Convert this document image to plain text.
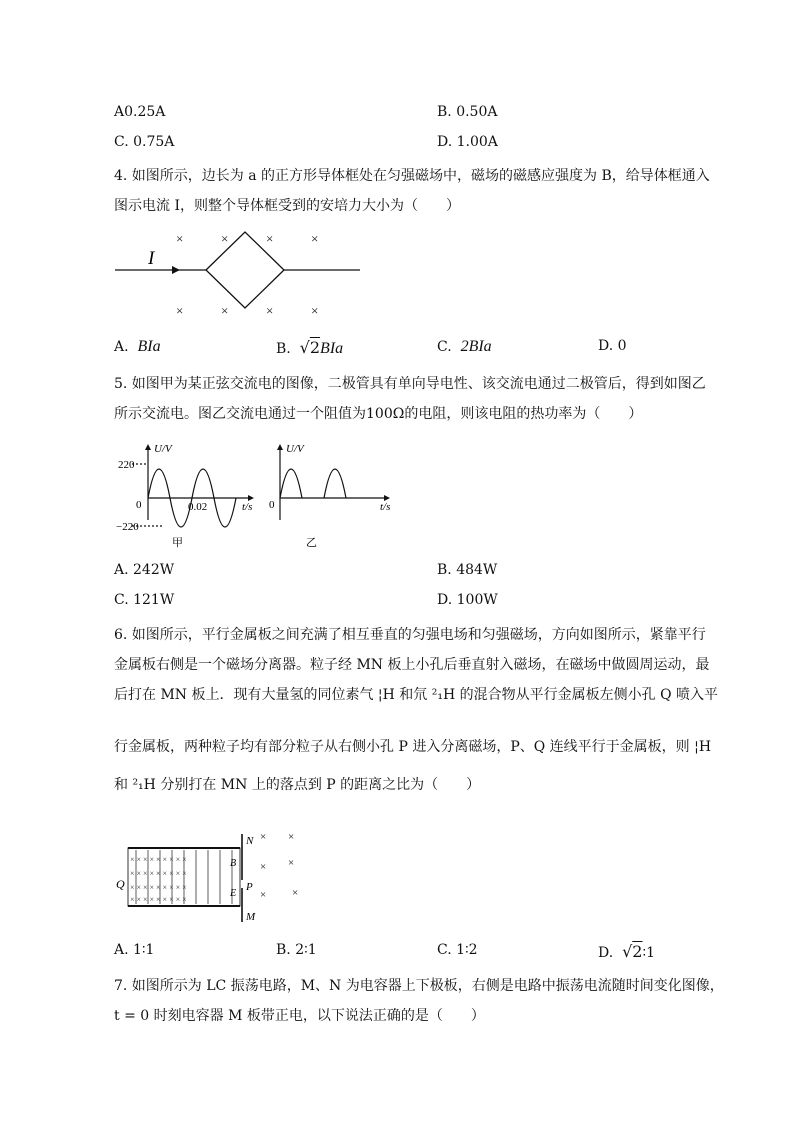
A0.25A	B. 0.50A
C. 0.75A	D. 1.00A
4. 如图所示，边长为 a 的正方形导体框处在匀强磁场中，磁场的磁感应强度为 B，给导体框通入
图示电流 I，则整个导体框受到的安培力大小为（　　）
×	×	×	×
×	×	×	×
I
A. BIa	B. √2BIa	C. 2BIa	D. 0
5. 如图甲为某正弦交流电的图像，二极管具有单向导电性、该交流电通过二极管后，得到如图乙
所示交流电。图乙交流电通过一个阻值为100Ω的电阻，则该电阻的热功率为（　　）
U/V
220
0	0.02
−220
t/s
甲
U/V
0	t/s
乙
A. 242W	B. 484W
C. 121W	D. 100W
6. 如图所示，平行金属板之间充满了相互垂直的匀强电场和匀强磁场，方向如图所示，紧靠平行
金属板右侧是一个磁场分离器。粒子经 MN 板上小孔后垂直射入磁场，在磁场中做圆周运动，最
后打在 MN 板上．现有大量氢的同位素气 ¦H 和氘 ²₁H 的混合物从平行金属板左侧小孔 Q 喷入平
行金属板，两种粒子均有部分粒子从右侧小孔 P 进入分离磁场，P、Q 连线平行于金属板，则 ¦H
和 ²₁H 分别打在 MN 上的落点到 P 的距离之比为（　　）
× × × × × × × × ×
× × × × × × × × ×
× × × × × × × × ×
× × × × × × × × ×
B
E
N
P
M
Q
× ×
× ×
× ×
A. 1∶1	B. 2∶1	C. 1∶2	D. √2∶1
7. 如图所示为 LC 振荡电路，M、N 为电容器上下极板，右侧是电路中振荡电流随时间变化图像，
t = 0 时刻电容器 M 板带正电，以下说法正确的是（　　）
